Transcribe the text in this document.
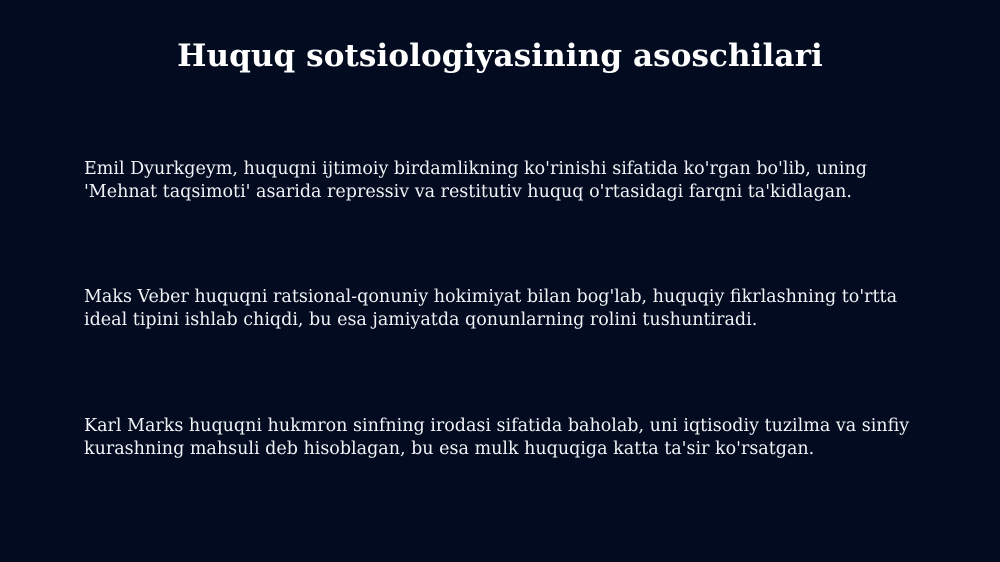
Huquq sotsiologiyasining asoschilari

Emil Dyurkgeym, huquqni ijtimoiy birdamlikning ko'rinishi sifatida ko'rgan bo'lib, uning 'Mehnat taqsimoti' asarida repressiv va restitutiv huquq o'rtasidagi farqni ta'kidlagan.

Maks Veber huquqni ratsional-qonuniy hokimiyat bilan bog'lab, huquqiy fikrlashning to'rtta ideal tipini ishlab chiqdi, bu esa jamiyatda qonunlarning rolini tushuntiradi.

Karl Marks huquqni hukmron sinfning irodasi sifatida baholab, uni iqtisodiy tuzilma va sinfiy kurashning mahsuli deb hisoblagan, bu esa mulk huquqiga katta ta'sir ko'rsatgan.
